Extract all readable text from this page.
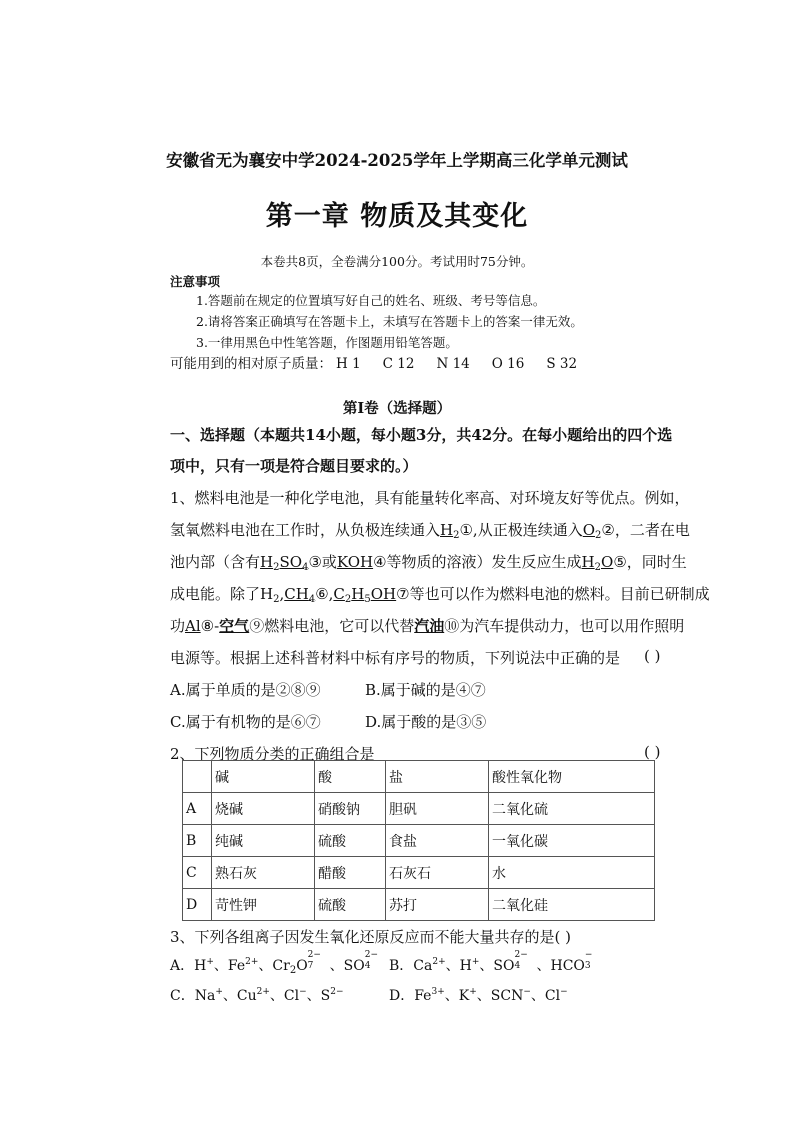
安徽省无为襄安中学2024-2025学年上学期高三化学单元测试
第一章 物质及其变化
本卷共8页，全卷满分100分。考试用时75分钟。
注意事项
1.答题前在规定的位置填写好自己的姓名、班级、考号等信息。
2.请将答案正确填写在答题卡上，未填写在答题卡上的答案一律无效。
3.一律用黑色中性笔答题，作图题用铅笔答题。
可能用到的相对原子质量： H 1 C 12 N 14 O 16 S 32
第Ⅰ卷（选择题）
一、选择题（本题共14小题，每小题3分，共42分。在每小题给出的四个选
项中，只有一项是符合题目要求的。）
1、燃料电池是一种化学电池，具有能量转化率高、对环境友好等优点。例如，
氢氧燃料电池在工作时，从负极连续通入$H_2①$,从正极连续通入$O_2②$，二者在电
池内部（含有$H_2SO_4③$或KOH④等物质的溶液）发生反应生成$H_2O⑤$，同时生
成电能。除了$H_2,CH_4⑥,C_2H_5OH⑦$等也可以作为燃料电池的燃料。目前已研制成
功Al⑧-空气⑨燃料电池，它可以代替汽油⑩为汽车提供动力，也可以用作照明
电源等。根据上述科普材料中标有序号的物质，下列说法中正确的是 ( )
A.属于单质的是②⑧⑨	B.属于碱的是④⑦
C.属于有机物的是⑥⑦	D.属于酸的是③⑤
2、下列物质分类的正确组合是	( )
	碱	酸	盐	酸性氧化物
A	烧碱	硝酸钠	胆矾	二氧化硫
B	纯碱	硫酸	食盐	一氧化碳
C	熟石灰	醋酸	石灰石	水
D	苛性钾	硫酸	苏打	二氧化硅
3、下列各组离子因发生氧化还原反应而不能大量共存的是( )
A．H+、$Fe^{2+}$、$Cr_2O$
2−
7 、SO
2−
4 B．$Ca^{2+}$、H+、SO
2−
4 、HCO
−
3
C．Na+、$Cu^{2+}$、Cl−、$S^{2-}$	D．$Fe^{3+}$、K+、SCN−、Cl−
